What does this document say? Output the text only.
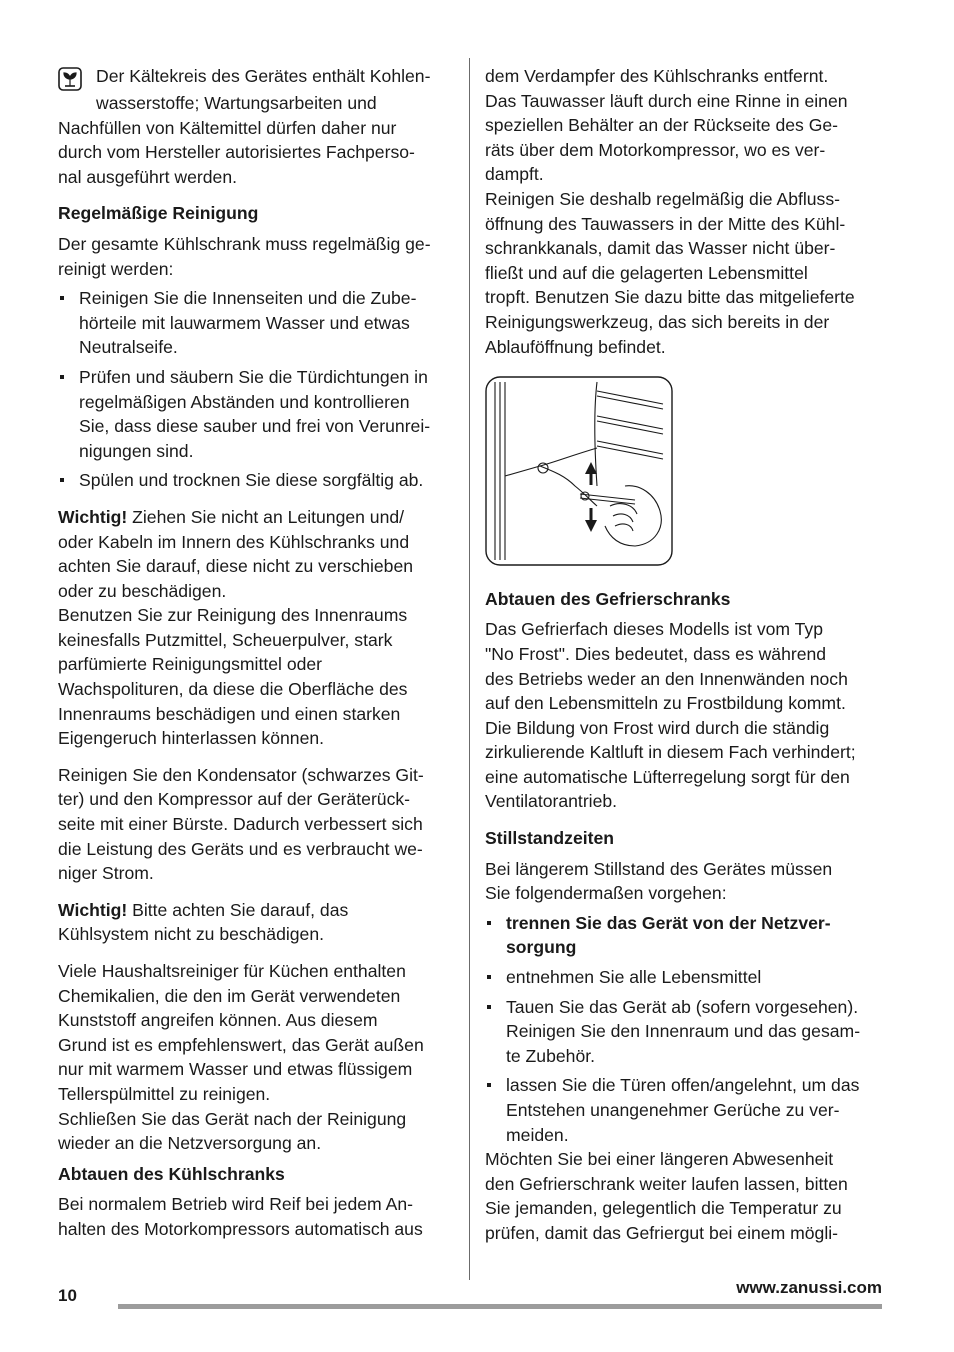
Der Kältekreis des Gerätes enthält Kohlen-
wasserstoffe; Wartungsarbeiten und
Nachfüllen von Kältemittel dürfen daher nur
durch vom Hersteller autorisiertes Fachperso-
nal ausgeführt werden.

Regelmäßige Reinigung

Der gesamte Kühlschrank muss regelmäßig ge-
reinigt werden:

Reinigen Sie die Innenseiten und die Zube-
hörteile mit lauwarmem Wasser und etwas
Neutralseife.
Prüfen und säubern Sie die Türdichtungen in
regelmäßigen Abständen und kontrollieren
Sie, dass diese sauber und frei von Verunrei-
nigungen sind.
Spülen und trocknen Sie diese sorgfältig ab.

Wichtig! Ziehen Sie nicht an Leitungen und/
oder Kabeln im Innern des Kühlschranks und
achten Sie darauf, diese nicht zu verschieben
oder zu beschädigen.
Benutzen Sie zur Reinigung des Innenraums
keinesfalls Putzmittel, Scheuerpulver, stark
parfümierte Reinigungsmittel oder
Wachspolituren, da diese die Oberfläche des
Innenraums beschädigen und einen starken
Eigengeruch hinterlassen können.

Reinigen Sie den Kondensator (schwarzes Git-
ter) und den Kompressor auf der Geräterück-
seite mit einer Bürste. Dadurch verbessert sich
die Leistung des Geräts und es verbraucht we-
niger Strom.

Wichtig! Bitte achten Sie darauf, das
Kühlsystem nicht zu beschädigen.

Viele Haushaltsreiniger für Küchen enthalten
Chemikalien, die den im Gerät verwendeten
Kunststoff angreifen können. Aus diesem
Grund ist es empfehlenswert, das Gerät außen
nur mit warmem Wasser und etwas flüssigem
Tellerspülmittel zu reinigen.
Schließen Sie das Gerät nach der Reinigung
wieder an die Netzversorgung an.

Abtauen des Kühlschranks

Bei normalem Betrieb wird Reif bei jedem An-
halten des Motorkompressors automatisch aus

dem Verdampfer des Kühlschranks entfernt.
Das Tauwasser läuft durch eine Rinne in einen
speziellen Behälter an der Rückseite des Ge-
räts über dem Motorkompressor, wo es ver-
dampft.
Reinigen Sie deshalb regelmäßig die Abfluss-
öffnung des Tauwassers in der Mitte des Kühl-
schrankkanals, damit das Wasser nicht über-
fließt und auf die gelagerten Lebensmittel
tropft. Benutzen Sie dazu bitte das mitgelieferte
Reinigungswerkzeug, das sich bereits in der
Ablauföffnung befindet.

Abtauen des Gefrierschranks

Das Gefrierfach dieses Modells ist vom Typ
"No Frost". Dies bedeutet, dass es während
des Betriebs weder an den Innenwänden noch
auf den Lebensmitteln zu Frostbildung kommt.
Die Bildung von Frost wird durch die ständig
zirkulierende Kaltluft in diesem Fach verhindert;
eine automatische Lüfterregelung sorgt für den
Ventilatorantrieb.

Stillstandzeiten

Bei längerem Stillstand des Gerätes müssen
Sie folgendermaßen vorgehen:

trennen Sie das Gerät von der Netzver-
sorgung
entnehmen Sie alle Lebensmittel
Tauen Sie das Gerät ab (sofern vorgesehen).
Reinigen Sie den Innenraum und das gesam-
te Zubehör.
lassen Sie die Türen offen/angelehnt, um das
Entstehen unangenehmer Gerüche zu ver-
meiden.

Möchten Sie bei einer längeren Abwesenheit
den Gefrierschrank weiter laufen lassen, bitten
Sie jemanden, gelegentlich die Temperatur zu
prüfen, damit das Gefriergut bei einem mögli-

10	www.zanussi.com
